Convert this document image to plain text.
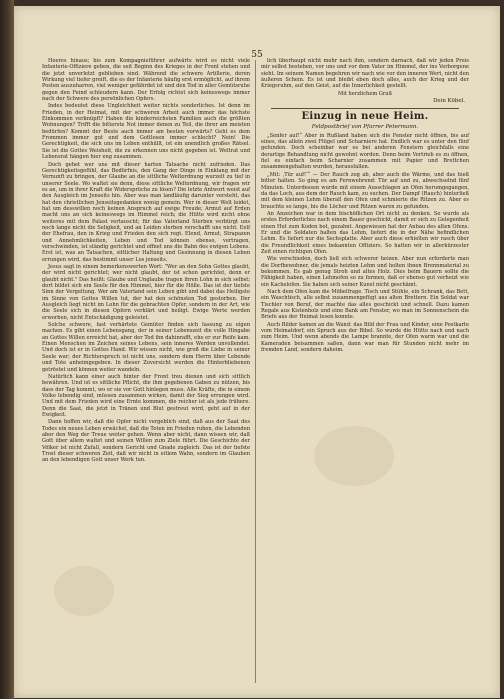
55

Heeres hinaus; bis zum Kompagnieführer aufwärts wird es nicht viele Infanterie-Offiziere geben, die seit Beginn des Krieges in der Front stehen und die jetzt unverletzt geblieben sind. Während die schwere Artillerie, deren Wirkung viel tiefer greift, die es der Infanterie häufig erst ermöglicht, auf ihrem Posten auszuharren, viel weniger gefährdet ist und den Tod in aller Gemütsruhe gegen den Feind schleudern kann. Der Erfolg richtet sich keineswegs immer nach der Schwere des persönlichen Opfers.

Indes bedeutet diese Ungleichheit weiter nichts sonderliches. Ist denn im Frieden, in der Heimat, mit der schweren Arbeit auch immer das höchste Einkommen verknüpft? Haben die kinderreichsten Familien auch die größten Wohnungen? Trifft die bitterste Not immer denen zu Teil, die ihrer am meisten bedürfen? Kommt der Beste auch immer am besten vorwärts? Geht es dem Frommen immer gut und dem Gottlosen immer schlecht? Nein! Die Gerechtigkeit, die sich uns im Leben enthüllt, ist ein unendlich großes Rätsel. Sie ist die Gottes Weisheit, die zu erkennen uns nicht gegeben ist. Weltrat und Lebensrat hängen hier eng zusammen.

Doch gehet wer uns mit dieser harten Tatsache nicht zufrieden. Das Gerechtigkeitsgefühl, das Bedürfnis, den Gang der Dinge in Einklang mit der Vernunft zu bringen, der Glaube an die sittliche Weltordnung wurzelt zu tief in unserer Seele. Wo waltet sie denn, diese sittliche Weltordnung, wir fragen wir es an, um in ihrer Kraft die Widersprüche zu lösen? Die letzte Antwort weist auf den Ausgleich im Jenseits hin. Aber was man landläufig darunter versteht, das hat den christlichen Jenseitsgedanken wenig gemein. Wer in dieser Welt leidet, hat um desswillen noch keinen Anspruch auf ewige Freude; Armut auf Erden macht uns an sich keineswegs im Himmel reich; die Hütte wird nicht ohne weiteres mit dem Palast vertauscht; für das Vaterland Sterben verbürgt uns noch lange nicht die Seligkeit, und an Leiden sterben verschafft uns nicht. Eelf der Ehefrau, den in Krieg und Frieden den sich regt. Elend, Armut, Strapazen und Annehmlichkeiten, Leben und Tod können ebenso, vertragen, verschwinden, ist ständig gerichtet und offnet uns die Bahn des ewigen Lebens. Erst ist, was an Tatsachen, sittlicher Haltung und Gesinnung in diesen Leben errungen wird, das bestimmt unser Los jenseits.

Jesus sagt in einem bemerkenswerten Wort: "Wer an den Sohn Gottes glaubt, der wird nicht gerichtet; wer nicht glaubt, der ist schon gerichtet, denn er glaubt nicht." Das heißt: Glaube und Unglaube tragen ihren Lohn in sich selbst; dort bildet sich ein Seele für den Himmel, hier für die Hölle. Das ist der tiefste Sinn der Vergeltung. Wer am Vaterland sein Leben gibt und dabei das Heiligste im Sinne von Gottes Willen tut, der hat den schönsten Tod gestorben. Der Ausgleich liegt nicht im Lohn für die gebrachten Opfer, sondern in der Art, wie die Seele sich in diesen Opfern verklärt und heiligt. Ewige Werte werden erworben, nicht Entschädigung geleistet.

Solche schwere, fast verhärtete Gemüter finden sich fassung zu eigen machen. Es gibt einen Lebensgang, der in seiner Lebenszeit die volle Hingabe an Gottes Willen erreicht hat, aber der Tod ihn dahinrafft, ehe er zur Reife kam. Einen Menschen im Zeichen seines Lebens, sein inneres Werden unvollendet. Und doch ist er in Gottes Hand. Wir wissen nicht, wie groß die Liebe in seiner Seele war; der Richterspruch ist nicht uns, sondern dem Herrn über Lebende und Tote anheimgegeben. In dieser Zuversicht werden die Hinterbliebenen getröstet und können weiter wandeln.

Natürlich kann einer auch hinter der Front treu dienen und sich sittlich bewähren. Und ist es sittliche Pflicht, die ihm gegebenen Gaben zu nützen, bis dass der Tag kommt, wo er sie vor Gott hinlegen muss. Alle Kräfte, die in einem Volke lebendig sind, müssen zusammen wirken, damit der Sieg errungen wird. Und mit dem Frieden wird eine Ernte kommen, die reicher ist als jede frühere. Denn die Saat, die jetzt in Tränen und Blut gestreut wird, geht auf in der Ewigkeit.

Dann hoffen wir, daß die Opfer nicht vergeblich sind, daß aus der Saat des Todes ein neues Leben erwächst, daß die Toten im Frieden ruhen, die Lebenden aber den Weg der Treue weiter gehen. Wenn aber nicht, dann wissen wir, daß Gott über allem waltet und seinen Willen zum Ziele führt. Die Geschichte der Völker ist nicht Zufall, sondern Gericht und Gnade zugleich. Das ist der tiefste Trost dieser schweren Zeit, daß wir nicht in eitlem Wahn, sondern im Glauben an den lebendigen Gott unser Werk tun.

lich überhaupt nicht mehr nach ihm, sondern darnach, daß wir jeden Preis mir selbst bestehen, vor uns und vor dem Vater im Himmel, der ins Verborgene sieht. Im seinem Namen begehren wir nach wie vor den inneren Wert, nicht den äußeren Schein. Es ist und bleibt eben doch alles, auch der Krieg und der Kriegsruhm, auf den Geist, auf die Innerlichkeit gestellt.

Mit herzlichem Gruß
Dein Kübel.
Einzug in neue Heim.
Feldpostbrief von Pfarrer Petermann.

„Senfer auf!“ Aber in Rußland haben sich die Fenster nicht öffnen, bis auf eines, das allein zwei Flügel und Scharniere hat. Endlich war es unter den fünf gefunden. Doch scheinbar war es bei anderen Fenstern gleichfalls eine derartige Behandlung nicht gewohnt worden. Denn beim Vertrieb es zu öffnen, fiel es einfach beim Scharnier zusammen mit Papier und Brettchen zusammengehalten wurden, herausfallen.

„Mit: ‚Tür auf!‘“ — Der Rauch zog ab, aber auch die Wärme, und das hieß bitter halten. So ging es am Fernwehrend: Tür auf und zu, abwechselnd fünf Minuten. Unterdessen wurde mit einem Ausschlagen an Ofen herumgegangen, da das Loch, aus dem der Rauch kam, zu suchen. Der Dampf (Rauch) hinterließ mit dem kleinen Lehm überall den Ofen und schmierte die Ritzen zu. Aber es brauchte so lange, bis die Löcher und Ritzen waren zu gefunden.

An Anzeichen war in dem bischöflichen Ort nicht zu denken. So wurde als erstes Erforderliches nach einem Bauer geschickt, damit er sich zu Gelegenheit einen Hut zum Koden bot, gezahnt. Angewiesen hat der Anbau des alten Ofens. Er und die Soldaten halten das Lehm, liefert die in der Nähe befindlichen Lehm. Es liefert nur die Sechsplatte. Aber auch diese erhielten wir rasch über die Freundlichkeit eines bekannten Offiziers. So hatten wir in allerkürzester Zeit einen richtigen Ofen.

Wie verschieden, doch ließ sich schwerer heizen. Aber nun erforderte man die Dorfbewohner, die jemals heizten Lehm und holten ihnen Brennmaterial zu bekommen. Es gab genug Stroh und altes Holz. Dies beim Bauern sollte die Fähigkeit haben, einen Lehmofen so zu formen, daß er ebenso gut verheizt wie ein Kachelofen. Sie haben sich seiner Kunst nicht geschämt.

Nach dem Ofen kam die Möbelfrage. Tisch und Stühle, ein Schrank, das Bett, ein Waschtisch, alle selbst zusammengefügt aus alten Brettern. Ein Soldat war Tischler von Beruf, der machte das alles geschickt und schnell. Dazu kamen Regale aus Kistenholz und eine Bank am Fenster, wo man im Sonnenschein die Briefe aus der Heimat lesen konnte.

Auch Bilder kamen an die Wand: das Bild der Frau und Kinder, eine Postkarte vom Heimatdorf, ein Spruch aus der Bibel. So wurde die Hütte nach und nach zum Heim. Und wenn abends die Lampe brannte, der Ofen warm war und die Kameraden beisammen saßen, dann war man für Stunden nicht mehr im fremden Land, sondern daheim.
